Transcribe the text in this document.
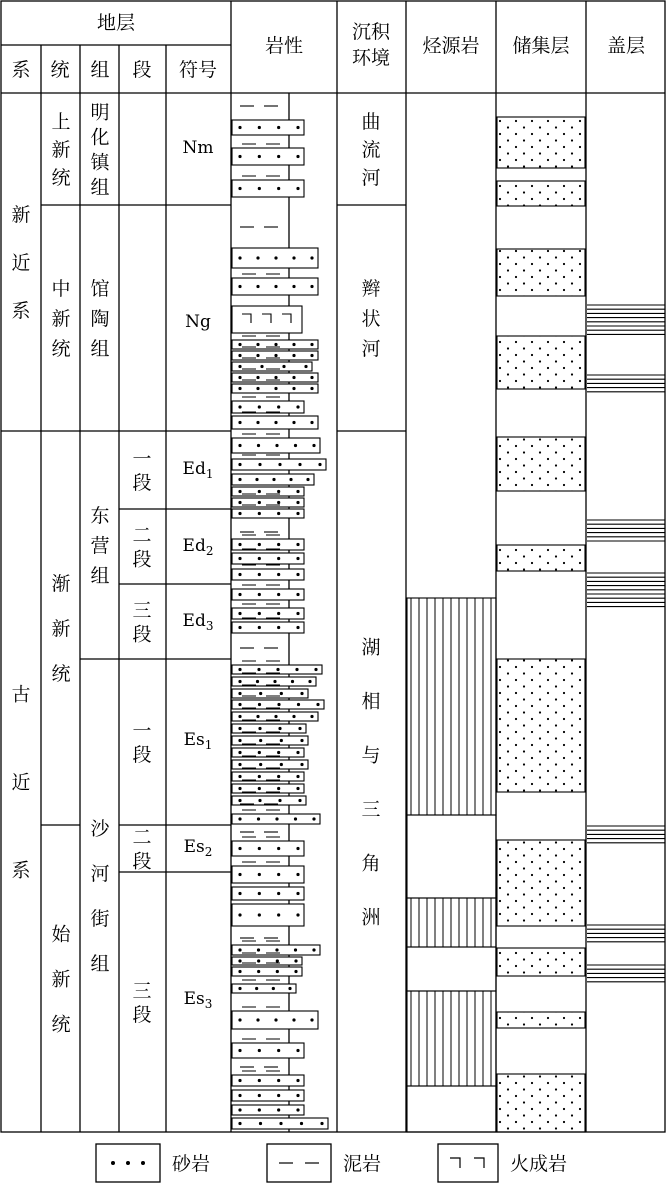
地层
系 统 组 段 符号
岩性
沉积
环境
烃源岩 储集层 盖层
新
近
系
古
近
系
上
新
统
中
新
统
渐
新
统
始
新
统
明
化
镇
组
馆
陶
组
东
营
组
沙
河
街
组
一
段
二
段
三
段
一
段
二
段
三
段
曲
流
河
辫
状
河
湖
相
与
三
角
洲
Nm
Ng
$Ed_1$
$Ed_2$
$Ed_3$
$Es_1$
$Es_2$
$Es_3$
砂岩	泥岩	火成岩
